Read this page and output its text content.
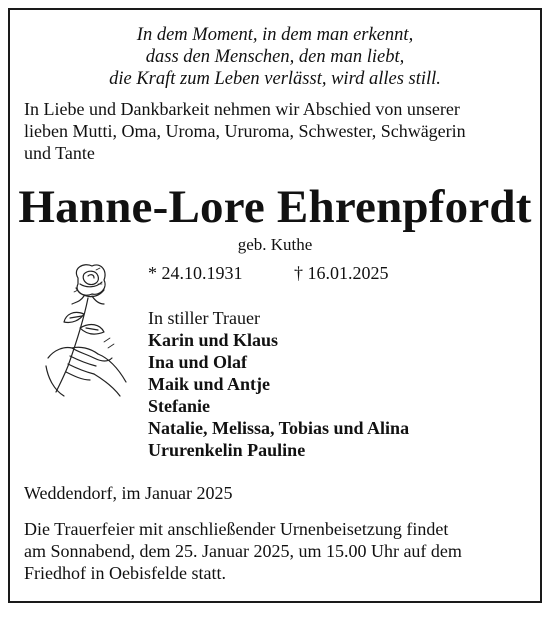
In dem Moment, in dem man erkennt,
dass den Menschen, den man liebt,
die Kraft zum Leben verlässt, wird alles still.
In Liebe und Dankbarkeit nehmen wir Abschied von unserer
lieben Mutti, Oma, Uroma, Ururoma, Schwester, Schwägerin
und Tante
Hanne-Lore Ehrenpfordt
geb. Kuthe
* 24.10.1931	† 16.01.2025
In stiller Trauer
Karin und Klaus
Ina und Olaf
Maik und Antje
Stefanie
Natalie, Melissa, Tobias und Alina
Ururenkelin Pauline
Weddendorf, im Januar 2025
Die Trauerfeier mit anschließender Urnenbeisetzung findet
am Sonnabend, dem 25. Januar 2025, um 15.00 Uhr auf dem
Friedhof in Oebisfelde statt.
